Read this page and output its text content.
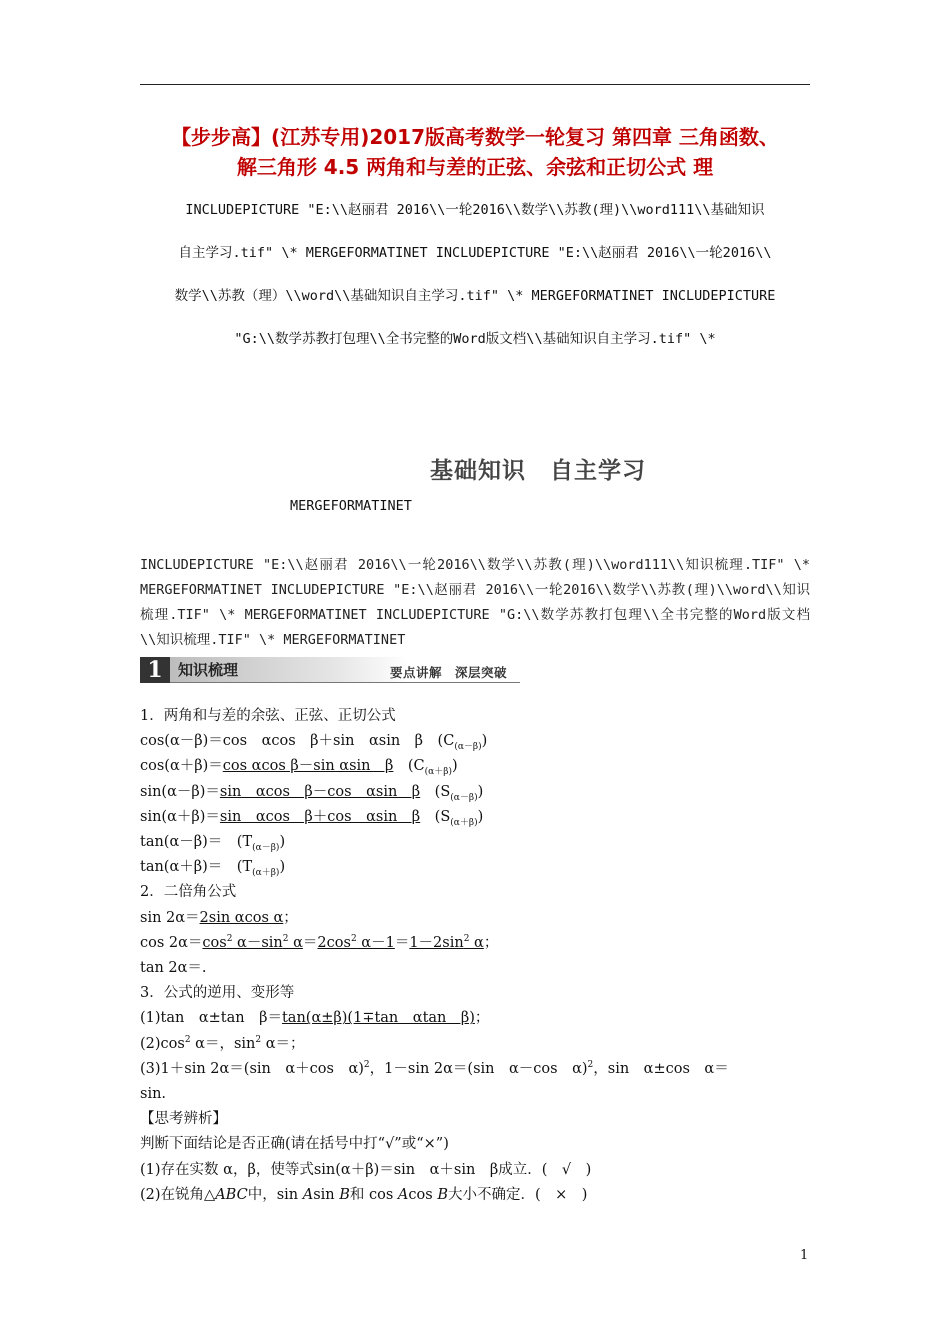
【步步高】(江苏专用)2017版高考数学一轮复习 第四章 三角函数、
解三角形 4.5 两角和与差的正弦、余弦和正切公式 理
INCLUDEPICTURE "E:\\赵丽君 2016\\一轮2016\\数学\\苏教(理)\\word111\\基础知识
自主学习.tif" \* MERGEFORMATINET INCLUDEPICTURE "E:\\赵丽君 2016\\一轮2016\\
数学\\苏教（理）\\word\\基础知识自主学习.tif" \* MERGEFORMATINET INCLUDEPICTURE
"G:\\数学苏教打包理\\全书完整的Word版文档\\基础知识自主学习.tif" \*
基础知识　自主学习
MERGEFORMATINET
INCLUDEPICTURE "E:\\赵丽君 2016\\一轮2016\\数学\\苏教(理)\\word111\\知识梳理.TIF" \* MERGEFORMATINET INCLUDEPICTURE "E:\\赵丽君 2016\\一轮2016\\数学\\苏教(理)\\word\\知识梳理.TIF" \* MERGEFORMATINET INCLUDEPICTURE "G:\\数学苏教打包理\\全书完整的Word版文档\\知识梳理.TIF" \* MERGEFORMATINET
1	知识梳理	要点讲解　深层突破
1．两角和与差的余弦、正弦、正切公式
cos(α－β)＝cos　αcos　β＋sin　αsin　β　$(C_{(\alpha-\beta)})$
cos(α＋β)＝cos αcos β－sin αsin　β　$(C_{(\alpha+\beta)})$
sin(α－β)＝sin　αcos　β－cos　αsin　β　$(S_{(\alpha-\beta)})$
sin(α＋β)＝sin　αcos　β＋cos　αsin　β　$(S_{(\alpha+\beta)})$
tan(α－β)＝　$(T_{(\alpha-\beta)})$
tan(α＋β)＝　$(T_{(\alpha+\beta)})$
2．二倍角公式
sin 2α＝2sin αcos α；
$\cos 2\alpha=\cos^2$ $\alpha-\sin^2$ $\alpha=2\cos^2$ $\alpha-1=1-2\sin^2$ α；
tan 2α＝.
3．公式的逆用、变形等
(1)tan　α±tan　β＝tan(α±β)(1∓tan　αtan　β)；
$(2)\cos^2$ α＝，$\sin^2 \alpha=$；
(3)1＋sin 2α＝(sin　α＋cos　α)$^2$，1－sin 2α＝(sin　α－cos　α)$^2$，sin　α±cos　α＝
sin.
【思考辨析】
判断下面结论是否正确(请在括号中打“√”或“×”)
(1)存在实数 α，β，使等式sin(α＋β)＝sin　α＋sin　β成立．(　√　)
(2)在锐角△ABC中，sin Asin B和 cos Acos B大小不确定．(　×　)
1
